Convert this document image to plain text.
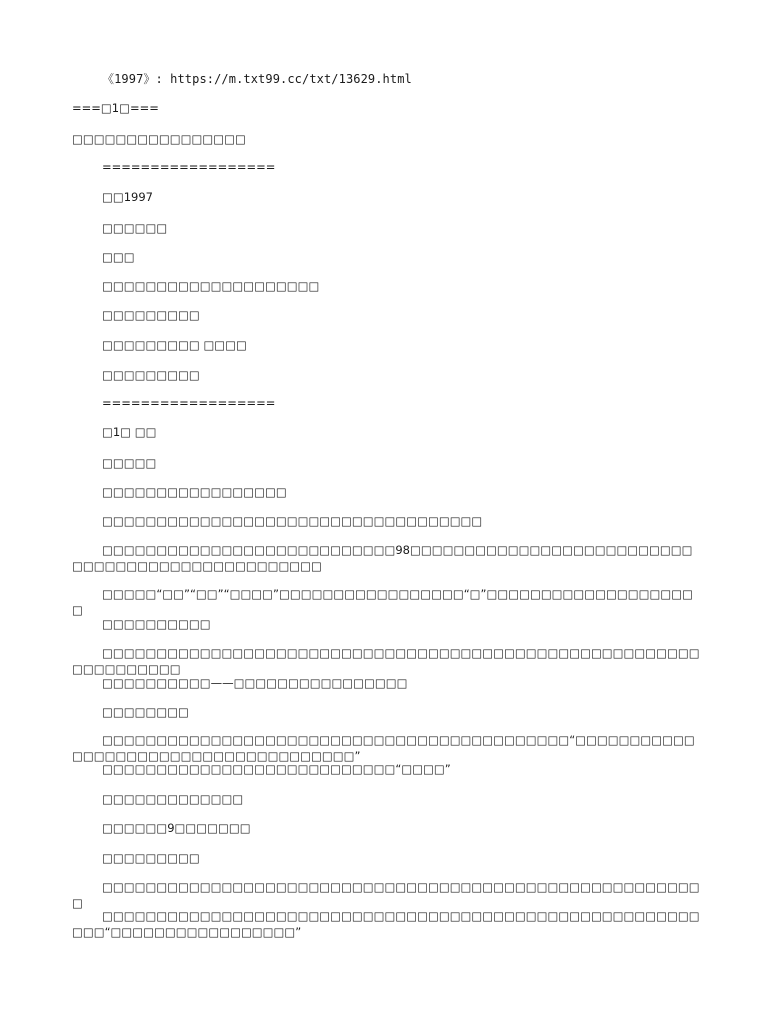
《1997》: https://m.txt99.cc/txt/13629.html
===□1□===
□□□□□□□□□□□□□□□□
==================
□□1997
□□□□□□
□□□
□□□□□□□□□□□□□□□□□□□□
□□□□□□□□□
□□□□□□□□□ □□□□
□□□□□□□□□
==================
□1□ □□
□□□□□
□□□□□□□□□□□□□□□□□
□□□□□□□□□□□□□□□□□□□□□□□□□□□□□□□□□□□
□□□□□□□□□□□□□□□□□□□□□□□□□□□98□□□□□□□□□□□□□□□□□□□□□□□□□□□□□□□□□□□□□□□□□□□□□□□□□
□□□□□“□□”“□□”“□□□□”□□□□□□□□□□□□□□□□□“□”□□□□□□□□□□□□□□□□□□□□
□□□□□□□□□□
□□□□□□□□□□□□□□□□□□□□□□□□□□□□□□□□□□□□□□□□□□□□□□□□□□□□□□□□□□□□□□□□□
□□□□□□□□□□——□□□□□□□□□□□□□□□□
□□□□□□□□
□□□□□□□□□□□□□□□□□□□□□□□□□□□□□□□□□□□□□□□□□□□“□□□□□□□□□□□□□□□□□□□□□□□□□□□□□□□□□□□□□”
□□□□□□□□□□□□□□□□□□□□□□□□□□□“□□□□”
□□□□□□□□□□□□□
□□□□□□9□□□□□□□
□□□□□□□□□
□□□□□□□□□□□□□□□□□□□□□□□□□□□□□□□□□□□□□□□□□□□□□□□□□□□□□□□□
□□□□□□□□□□□□□□□□□□□□□□□□□□□□□□□□□□□□□□□□□□□□□□□□□□□□□□□□□□“□□□□□□□□□□□□□□□□□”
